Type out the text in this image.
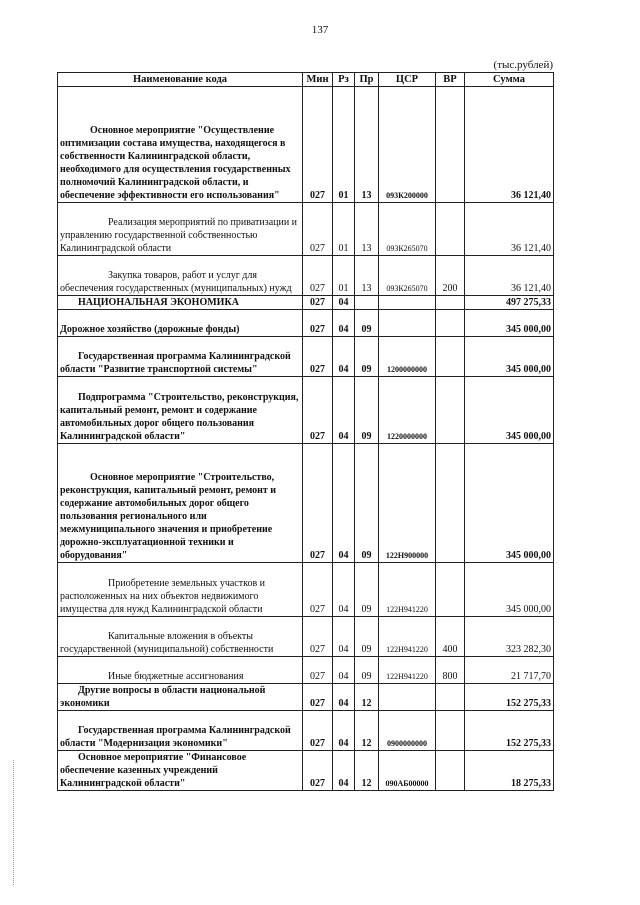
137
(тыс.рублей)
Наименование кода	Мин	Рз	Пр	ЦСР	ВР	Сумма
Основное мероприятие "Осуществление оптимизации состава имущества, находящегося в собственности Калининградской области, необходимого для осуществления государственных полномочий Калининградской области, и обеспечение эффективности его использования"	027	01	13	093К200000		36 121,40
Реализация мероприятий по приватизации и управлению государственной собственностью Калининградской области	027	01	13	093К265070		36 121,40
Закупка товаров, работ и услуг для обеспечения государственных (муниципальных) нужд	027	01	13	093К265070	200	36 121,40
НАЦИОНАЛЬНАЯ ЭКОНОМИКА	027	04				497 275,33
Дорожное хозяйство (дорожные фонды)	027	04	09			345 000,00
Государственная программа Калининградской области "Развитие транспортной системы"	027	04	09	1200000000		345 000,00
Подпрограмма "Строительство, реконструкция, капитальный ремонт, ремонт и содержание автомобильных дорог общего пользования Калининградской области"	027	04	09	1220000000		345 000,00
Основное мероприятие "Строительство, реконструкция, капитальный ремонт, ремонт и содержание автомобильных дорог общего пользования регионального или межмуниципального значения и приобретение дорожно-эксплуатационной техники и оборудования"	027	04	09	122Н900000		345 000,00
Приобретение земельных участков и расположенных на них объектов недвижимого имущества для нужд Калининградской области	027	04	09	122Н941220		345 000,00
Капитальные вложения в объекты государственной (муниципальной) собственности	027	04	09	122Н941220	400	323 282,30
Иные бюджетные ассигнования	027	04	09	122Н941220	800	21 717,70
Другие вопросы в области национальной экономики	027	04	12			152 275,33
Государственная программа Калининградской области "Модернизация экономики"	027	04	12	0900000000		152 275,33
Основное мероприятие "Финансовое обеспечение казенных учреждений Калининградской области"	027	04	12	090АБ00000		18 275,33
